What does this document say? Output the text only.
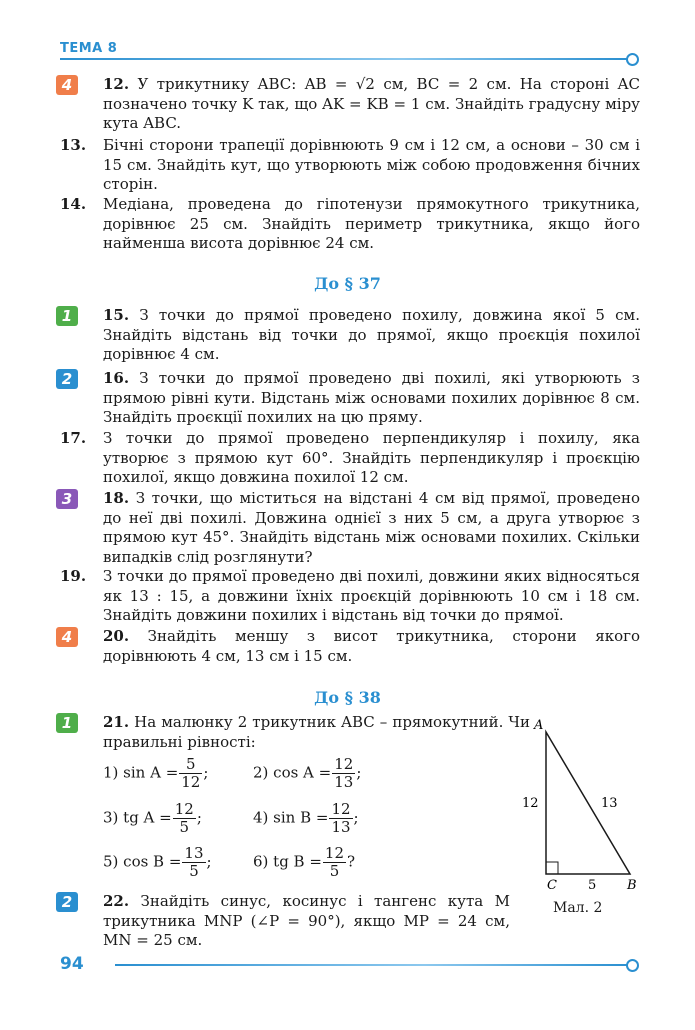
ТЕМА 8
4	12. У трикутнику ABC: AB = √2 см, BC = 2 см. На стороні AC позначено точку K так, що AK = KB = 1 см. Знайдіть градусну міру кута ABC.
13. Бічні сторони трапеції дорівнюють 9 см і 12 см, а основи – 30 см і 15 см. Знайдіть кут, що утворюють між собою продовження бічних сторін.
14. Медіана, проведена до гіпотенузи прямокутного трикутника, дорівнює 25 см. Знайдіть периметр трикутника, якщо його найменша висота дорівнює 24 см.
До § 37
1	15. З точки до прямої проведено похилу, довжина якої 5 см. Знайдіть відстань від точки до прямої, якщо проєкція похилої дорівнює 4 см.
2	16. З точки до прямої проведено дві похилі, які утворюють з прямою рівні кути. Відстань між основами похилих дорівнює 8 см. Знайдіть проєкції похилих на цю пряму.
17. З точки до прямої проведено перпендикуляр і похилу, яка утворює з прямою кут 60°. Знайдіть перпендикуляр і проєкцію похилої, якщо довжина похилої 12 см.
3	18. З точки, що міститься на відстані 4 см від прямої, проведено до неї дві похилі. Довжина однієї з них 5 см, а друга утворює з прямою кут 45°. Знайдіть відстань між основами похилих. Скільки випадків слід розглянути?
19. З точки до прямої проведено дві похилі, довжини яких відносяться як 13 : 15, а довжини їхніх проєкцій дорівнюють 10 см і 18 см. Знайдіть довжини похилих і відстань від точки до прямої.
4	20. Знайдіть меншу з висот трикутника, сторони якого дорівнюють 4 см, 13 см і 15 см.
До § 38
1	21. На малюнку 2 трикутник ABC – прямокутний. Чи правильні рівності:
1) $\sin A = \frac{5}{12}$ ;	2) $\cos A = \frac{12}{13}$ ;
3) tg $A = \frac{12}{5}$ ;	4) $\sin B = \frac{12}{13}$ ;
5) $\cos B = \frac{13}{5}$ ;	6) tg $B = \frac{12}{5}$ ?
2	22. Знайдіть синус, косинус і тангенс кута M трикутника MNP (∠P = 90°), якщо MP = 24 см, MN = 25 см.
A
C	B
12	13
5
Мал. 2
94
